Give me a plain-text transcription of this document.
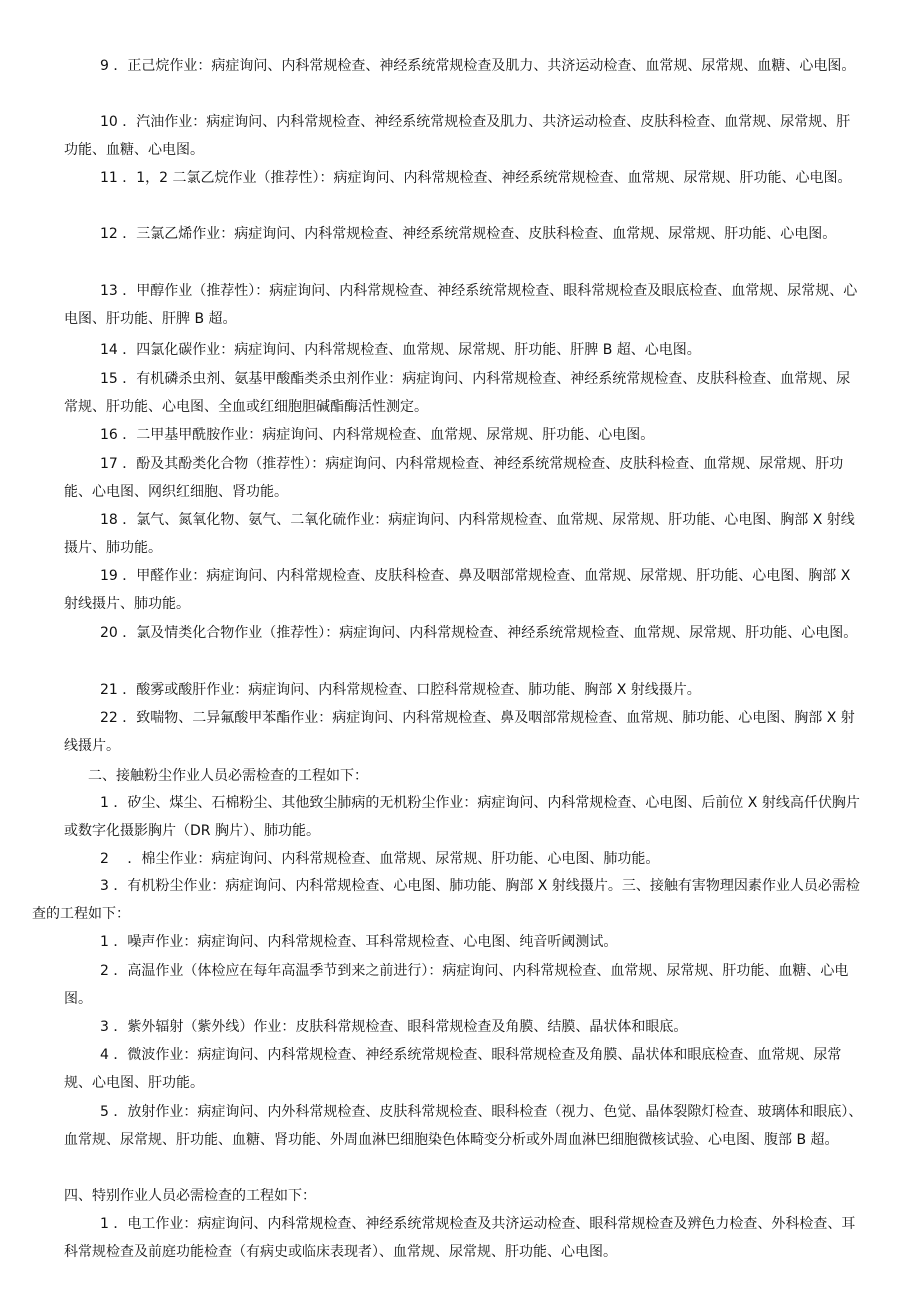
9 ．正己烷作业：病症询问、内科常规检查、神经系统常规检查及肌力、共济运动检查、血常规、尿常规、血糖、心电图。

10 ．汽油作业：病症询问、内科常规检查、神经系统常规检查及肌力、共济运动检查、皮肤科检查、血常规、尿常规、肝功能、血糖、心电图。

11 ．1，2 二氯乙烷作业（推荐性）：病症询问、内科常规检查、神经系统常规检查、血常规、尿常规、肝功能、心电图。

12 ．三氯乙烯作业：病症询问、内科常规检查、神经系统常规检查、皮肤科检查、血常规、尿常规、肝功能、心电图。

13 ．甲醇作业（推荐性）：病症询问、内科常规检查、神经系统常规检查、眼科常规检查及眼底检查、血常规、尿常规、心电图、肝功能、肝脾 B 超。

14 ．四氯化碳作业：病症询问、内科常规检查、血常规、尿常规、肝功能、肝脾 B 超、心电图。

15 ．有机磷杀虫剂、氨基甲酸酯类杀虫剂作业：病症询问、内科常规检查、神经系统常规检查、皮肤科检查、血常规、尿常规、肝功能、心电图、全血或红细胞胆碱酯酶活性测定。

16 ．二甲基甲酰胺作业：病症询问、内科常规检查、血常规、尿常规、肝功能、心电图。

17 ．酚及其酚类化合物（推荐性）：病症询问、内科常规检查、神经系统常规检查、皮肤科检查、血常规、尿常规、肝功能、心电图、网织红细胞、肾功能。

18 ．氯气、氮氧化物、氨气、二氧化硫作业：病症询问、内科常规检查、血常规、尿常规、肝功能、心电图、胸部 X 射线摄片、肺功能。

19 ．甲醛作业：病症询问、内科常规检查、皮肤科检查、鼻及咽部常规检查、血常规、尿常规、肝功能、心电图、胸部 X 射线摄片、肺功能。

20 ．氯及情类化合物作业（推荐性）：病症询问、内科常规检查、神经系统常规检查、血常规、尿常规、肝功能、心电图。

21 ．酸雾或酸肝作业：病症询问、内科常规检查、口腔科常规检查、肺功能、胸部 X 射线摄片。

22 ．致喘物、二异氟酸甲苯酯作业：病症询问、内科常规检查、鼻及咽部常规检查、血常规、肺功能、心电图、胸部 X 射线摄片。

二、接触粉尘作业人员必需检查的工程如下：

1 ．矽尘、煤尘、石棉粉尘、其他致尘肺病的无机粉尘作业：病症询问、内科常规检查、心电图、后前位 X 射线高仟伏胸片或数字化摄影胸片（DR 胸片）、肺功能。

2 　．棉尘作业：病症询问、内科常规检查、血常规、尿常规、肝功能、心电图、肺功能。

3 ．有机粉尘作业：病症询问、内科常规检查、心电图、肺功能、胸部 X 射线摄片。三、接触有害物理因素作业人员必需检查的工程如下：

1 ．噪声作业：病症询问、内科常规检查、耳科常规检查、心电图、纯音听阈测试。

2 ．高温作业（体检应在每年高温季节到来之前进行）：病症询问、内科常规检查、血常规、尿常规、肝功能、血糖、心电图。

3 ．紫外辐射（紫外线）作业：皮肤科常规检查、眼科常规检查及角膜、结膜、晶状体和眼底。

4 ．微波作业：病症询问、内科常规检查、神经系统常规检查、眼科常规检查及角膜、晶状体和眼底检查、血常规、尿常规、心电图、肝功能。

5 ．放射作业：病症询问、内外科常规检查、皮肤科常规检查、眼科检查（视力、色觉、晶体裂隙灯检查、玻璃体和眼底）、血常规、尿常规、肝功能、血糖、肾功能、外周血淋巴细胞染色体畸变分析或外周血淋巴细胞微核试验、心电图、腹部 B 超。

四、特别作业人员必需检查的工程如下：

1 ．电工作业：病症询问、内科常规检查、神经系统常规检查及共济运动检查、眼科常规检查及辨色力检查、外科检查、耳科常规检查及前庭功能检查（有病史或临床表现者）、血常规、尿常规、肝功能、心电图。
